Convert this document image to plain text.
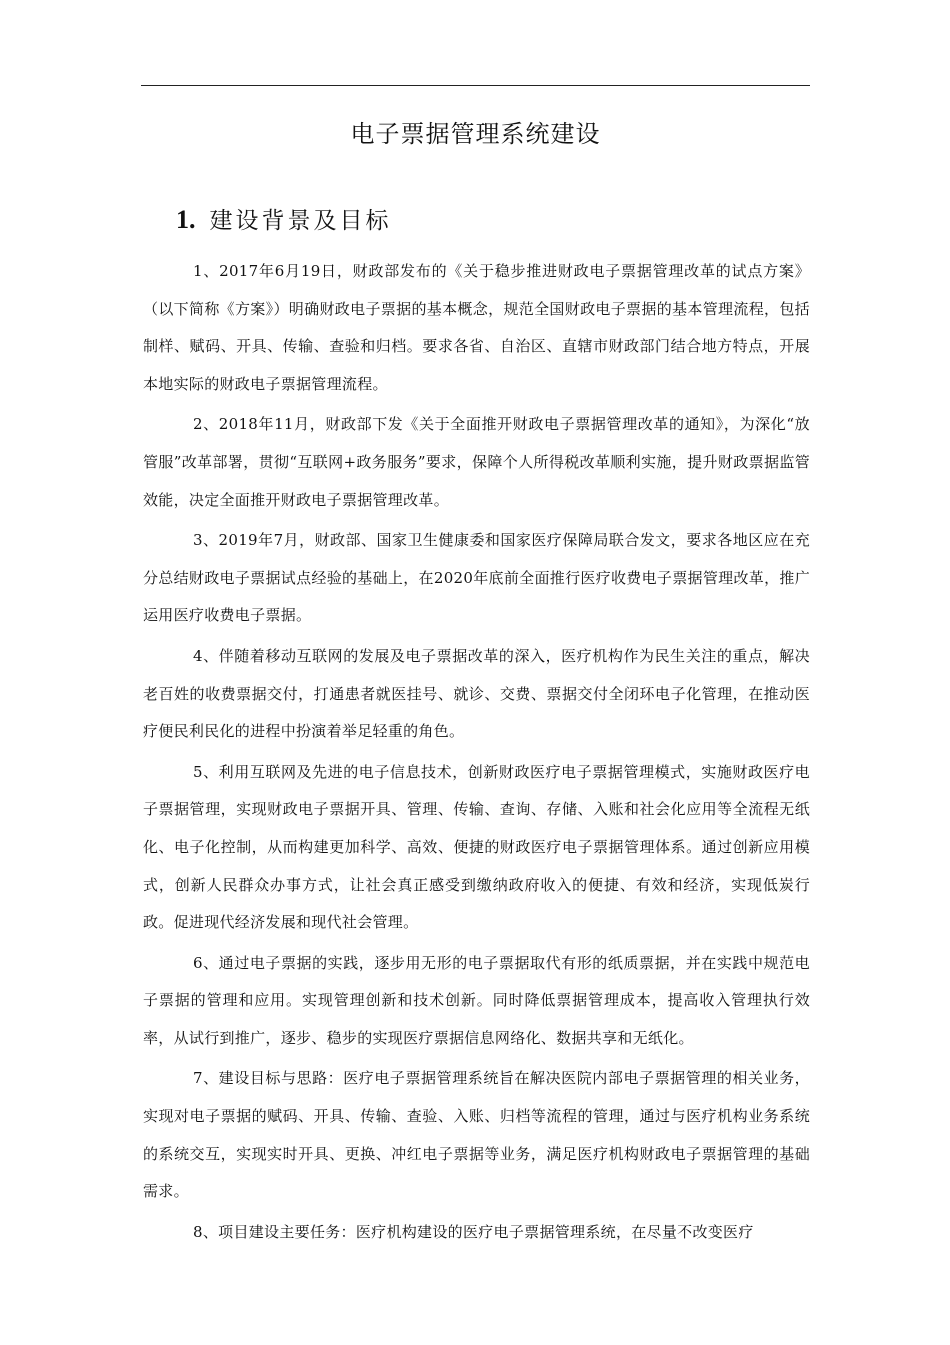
电子票据管理系统建设
1. 建设背景及目标

1、2017年6月19日，财政部发布的《关于稳步推进财政电子票据管理改革的试点方案》（以下简称《方案》）明确财政电子票据的基本概念，规范全国财政电子票据的基本管理流程，包括制样、赋码、开具、传输、查验和归档。要求各省、自治区、直辖市财政部门结合地方特点，开展本地实际的财政电子票据管理流程。

2、2018年11月，财政部下发《关于全面推开财政电子票据管理改革的通知》，为深化“放管服”改革部署，贯彻“互联网+政务服务”要求，保障个人所得税改革顺利实施，提升财政票据监管效能，决定全面推开财政电子票据管理改革。

3、2019年7月，财政部、国家卫生健康委和国家医疗保障局联合发文，要求各地区应在充分总结财政电子票据试点经验的基础上，在2020年底前全面推行医疗收费电子票据管理改革，推广运用医疗收费电子票据。

4、伴随着移动互联网的发展及电子票据改革的深入，医疗机构作为民生关注的重点，解决老百姓的收费票据交付，打通患者就医挂号、就诊、交费、票据交付全闭环电子化管理，在推动医疗便民利民化的进程中扮演着举足轻重的角色。

5、利用互联网及先进的电子信息技术，创新财政医疗电子票据管理模式，实施财政医疗电子票据管理，实现财政电子票据开具、管理、传输、查询、存储、入账和社会化应用等全流程无纸化、电子化控制，从而构建更加科学、高效、便捷的财政医疗电子票据管理体系。通过创新应用模式，创新人民群众办事方式，让社会真正感受到缴纳政府收入的便捷、有效和经济，实现低炭行政。促进现代经济发展和现代社会管理。

6、通过电子票据的实践，逐步用无形的电子票据取代有形的纸质票据，并在实践中规范电子票据的管理和应用。实现管理创新和技术创新。同时降低票据管理成本，提高收入管理执行效率，从试行到推广，逐步、稳步的实现医疗票据信息网络化、数据共享和无纸化。

7、建设目标与思路：医疗电子票据管理系统旨在解决医院内部电子票据管理的相关业务，实现对电子票据的赋码、开具、传输、查验、入账、归档等流程的管理，通过与医疗机构业务系统的系统交互，实现实时开具、更换、冲红电子票据等业务，满足医疗机构财政电子票据管理的基础需求。

8、项目建设主要任务：医疗机构建设的医疗电子票据管理系统，在尽量不改变医疗
